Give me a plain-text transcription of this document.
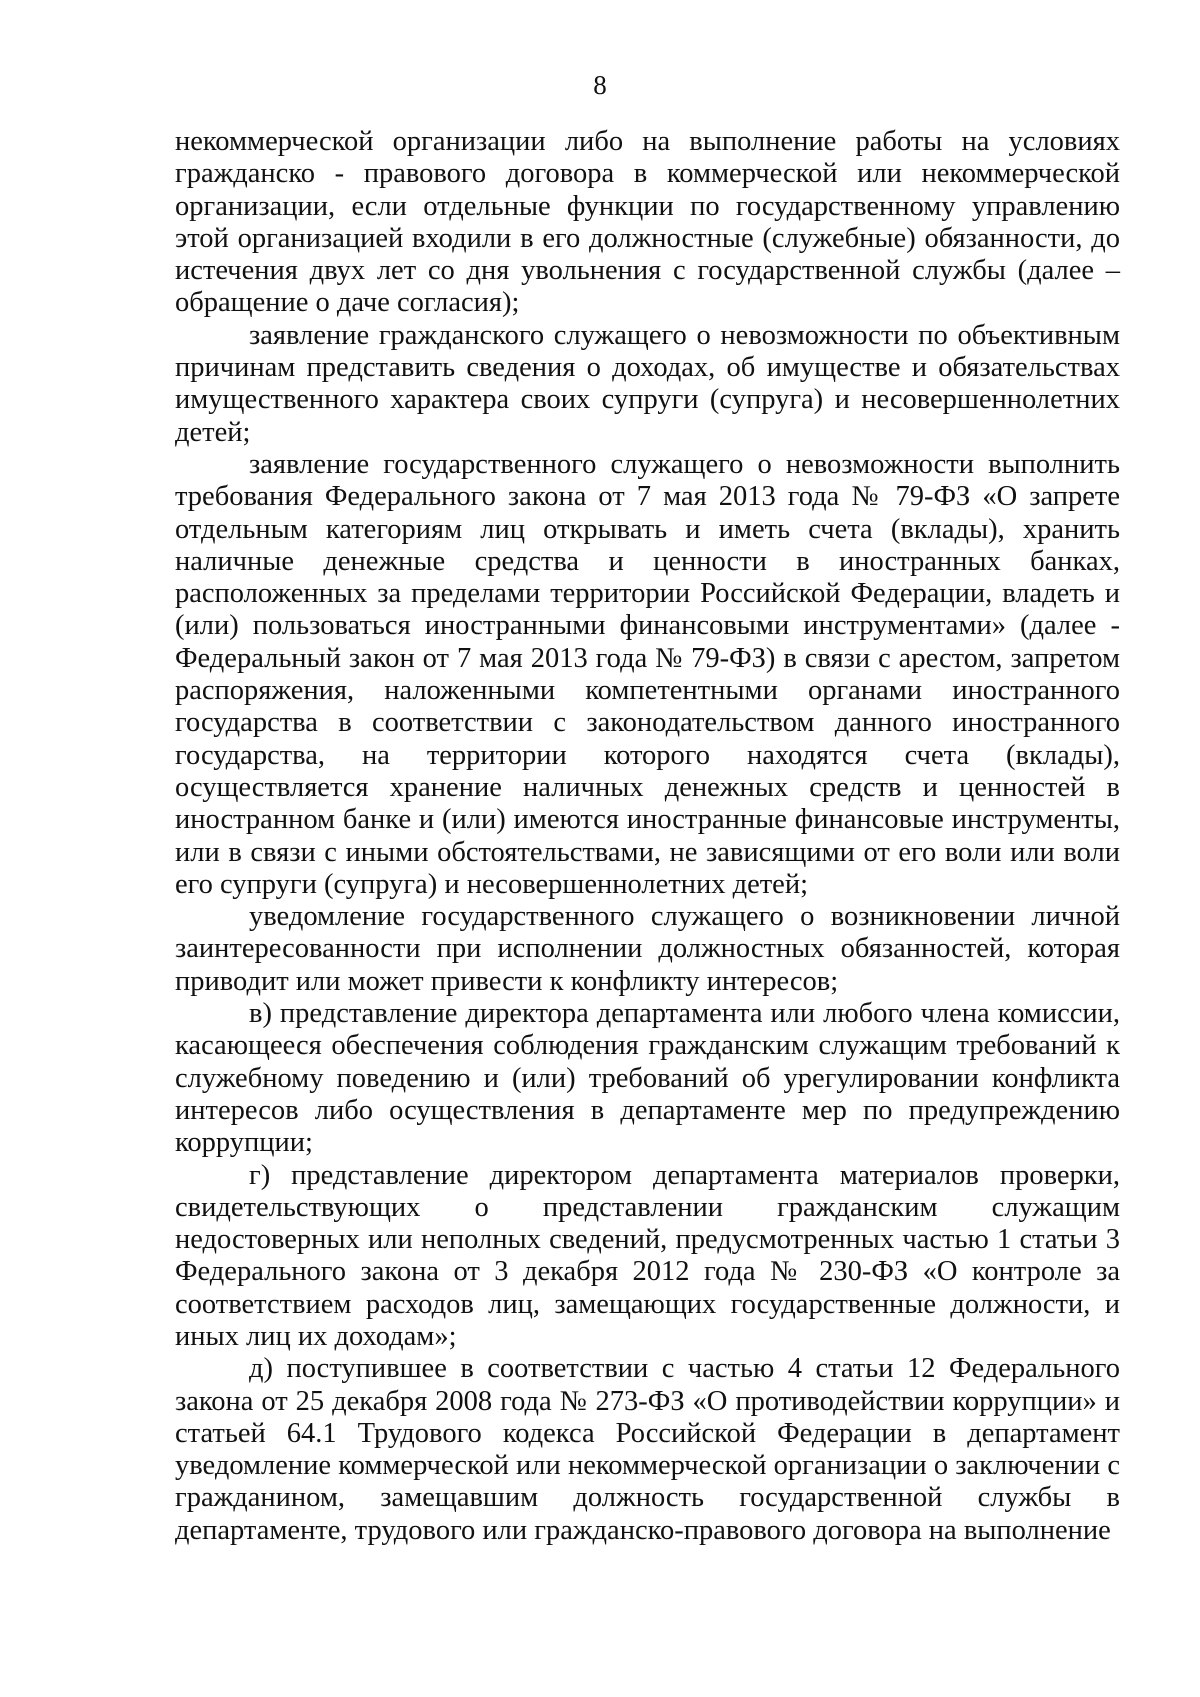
8

некоммерческой организации либо на выполнение работы на условиях гражданско - правового договора в коммерческой или некоммерческой организации, если отдельные функции по государственному управлению этой организацией входили в его должностные (служебные) обязанности, до истечения двух лет со дня увольнения с государственной службы (далее – обращение о даче согласия);

заявление гражданского служащего о невозможности по объективным причинам представить сведения о доходах, об имуществе и обязательствах имущественного характера своих супруги (супруга) и несовершеннолетних детей;

заявление государственного служащего о невозможности выполнить требования Федерального закона от 7 мая 2013 года № 79-ФЗ «О запрете отдельным категориям лиц открывать и иметь счета (вклады), хранить наличные денежные средства и ценности в иностранных банках, расположенных за пределами территории Российской Федерации, владеть и (или) пользоваться иностранными финансовыми инструментами» (далее - Федеральный закон от 7 мая 2013 года № 79-ФЗ) в связи с арестом, запретом распоряжения, наложенными компетентными органами иностранного государства в соответствии с законодательством данного иностранного государства, на территории которого находятся счета (вклады), осуществляется хранение наличных денежных средств и ценностей в иностранном банке и (или) имеются иностранные финансовые инструменты, или в связи с иными обстоятельствами, не зависящими от его воли или воли его супруги (супруга) и несовершеннолетних детей;

уведомление государственного служащего о возникновении личной заинтересованности при исполнении должностных обязанностей, которая приводит или может привести к конфликту интересов;

в) представление директора департамента или любого члена комиссии, касающееся обеспечения соблюдения гражданским служащим требований к служебному поведению и (или) требований об урегулировании конфликта интересов либо осуществления в департаменте мер по предупреждению коррупции;

г) представление директором департамента материалов проверки, свидетельствующих о представлении гражданским служащим недостоверных или неполных сведений, предусмотренных частью 1 статьи 3 Федерального закона от 3 декабря 2012 года № 230-ФЗ «О контроле за соответствием расходов лиц, замещающих государственные должности, и иных лиц их доходам»;

д) поступившее в соответствии с частью 4 статьи 12 Федерального закона от 25 декабря 2008 года № 273-ФЗ «О противодействии коррупции» и статьей 64.1 Трудового кодекса Российской Федерации в департамент уведомление коммерческой или некоммерческой организации о заключении с гражданином, замещавшим должность государственной службы в департаменте, трудового или гражданско-правового договора на выполнение
